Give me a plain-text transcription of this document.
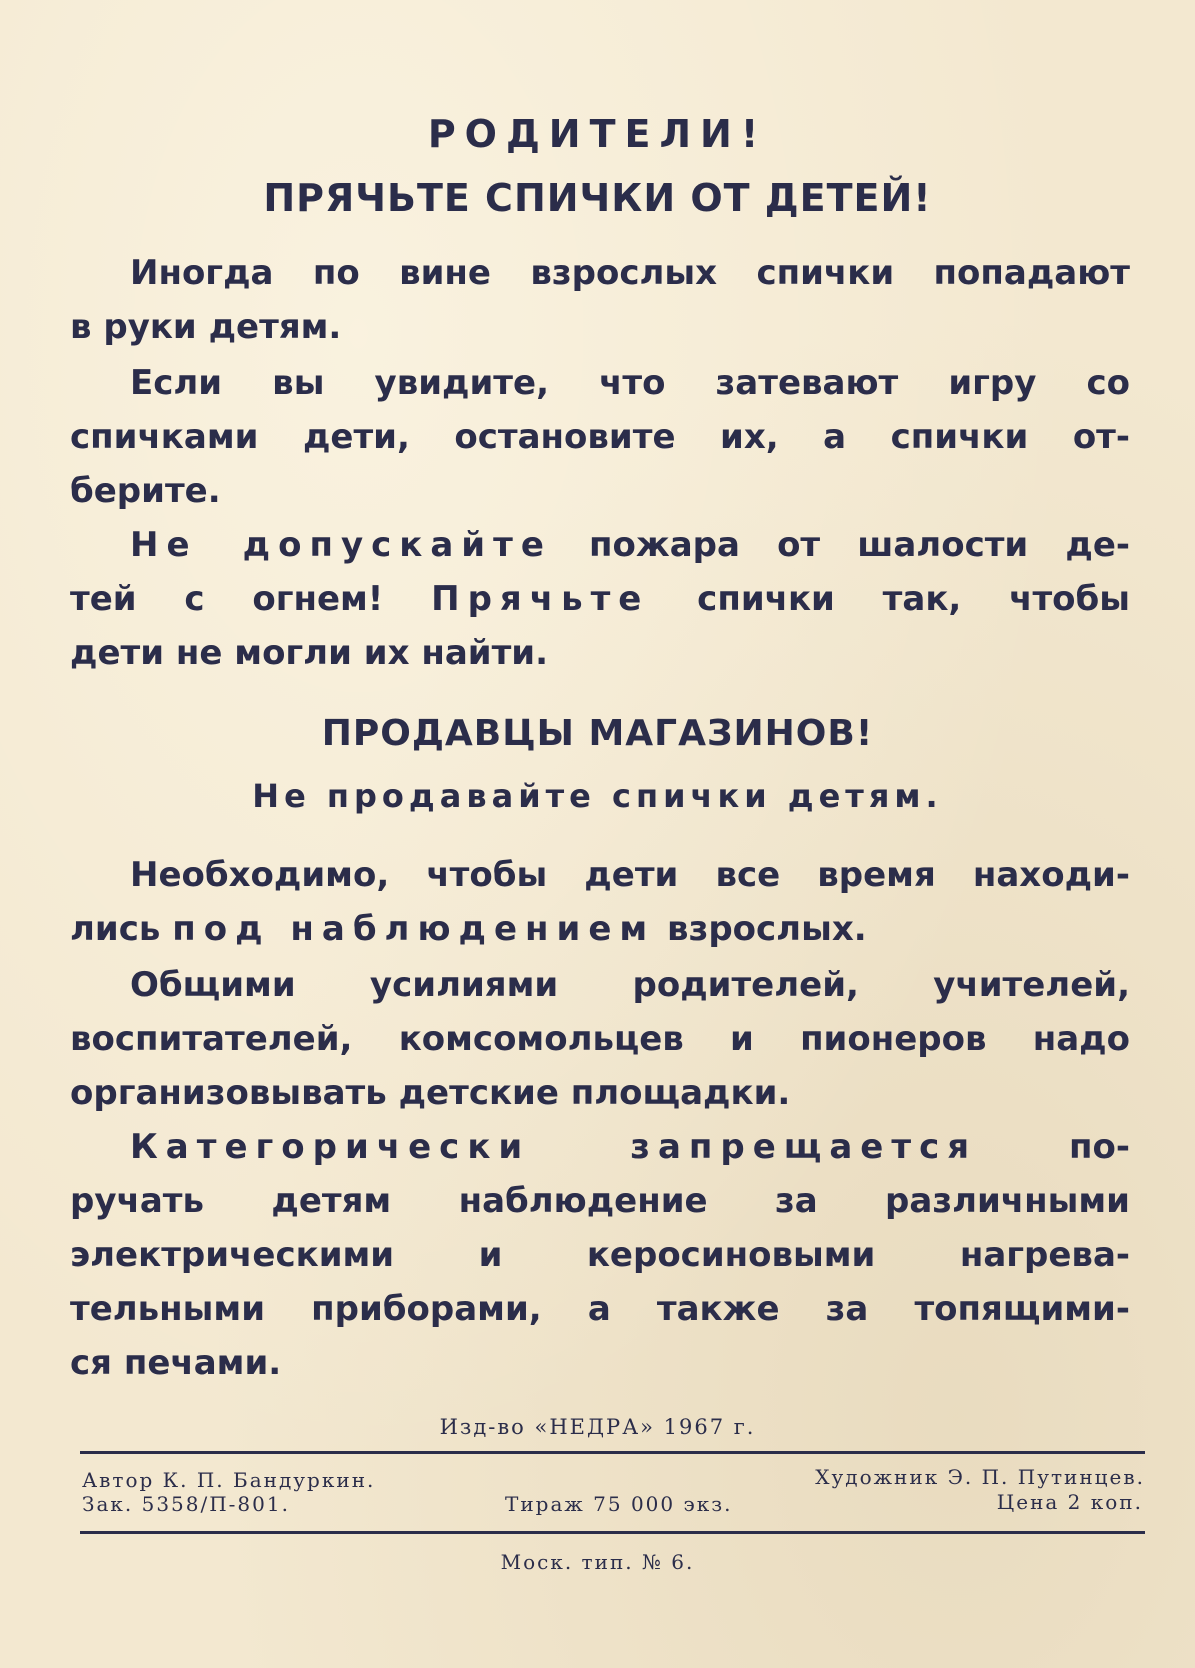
РОДИТЕЛИ!
ПРЯЧЬТЕ СПИЧКИ ОТ ДЕТЕЙ!

Иногда по вине взрослых спички попадают
в руки детям.

Если вы увидите, что затевают игру со
спичками дети, остановите их, а спички от-
берите.

Не допускайте пожара от шалости де-
тей с огнем! Прячьте спички так, чтобы
дети не могли их найти.

ПРОДАВЦЫ МАГАЗИНОВ!
Не продавайте спички детям.

Необходимо, чтобы дети все время находи-
лись под наблюдением взрослых.

Общими усилиями родителей, учителей,
воспитателей, комсомольцев и пионеров надо
организовывать детские площадки.

Категорически запрещается	по-
ручать детям наблюдение за различными
электрическими и керосиновыми нагрева-
тельными приборами, а также за топящими-
ся печами.

Изд-во «НЕДРА» 1967 г.
Автор К. П. Бандуркин.
Зак. 5358/П-801.
Художник Э. П. Путинцев.
Тираж 75 000 экз.	Цена 2 коп.
Моск. тип. № 6.
